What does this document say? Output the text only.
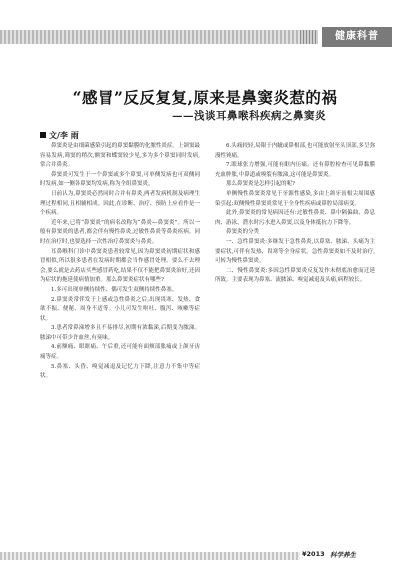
健康科普
“感冒”反反复复,原来是鼻窦炎惹的祸
——浅谈耳鼻喉科疾病之鼻窦炎
文/李 雨

鼻窦炎是由细菌感染引起的鼻窦黏膜的化脓性炎症。上颌窦最容易发病,筛窦的稍次,额窦和蝶窦较少见,多为多个鼻窦同时发病,常合并鼻炎。

鼻窦炎可发生于一个鼻窦或多个鼻窦,可单侧发病也可双侧同时发病,如一侧各鼻窦均发病,称为全组鼻窦炎。

日前认为,鼻窦炎必然同时合并有鼻炎,两者发病机制及病理生理过程相同,且相辅相成。因此,在诊断、治疗、预防上应看作是一个疾病。

近年来,已将“鼻窦炎”的病名改称为“鼻炎—鼻窦炎”。所以一般有鼻窦炎的患者,都会伴有慢性鼻炎,过敏性鼻炎等鼻炎疾病。同时在治疗时,也要选择一次性治疗鼻窦炎与鼻炎。

耳鼻喉科门诊中鼻窦炎患者较常见,因为鼻窦炎初期症状和感冒相似,所以很多患者在发病时期都会当作感冒处理。要么不去理会,要么就是去药店买些感冒药吃,结果不仅不能把鼻窦炎治好,还因为症状的拖延使病情加重。那么鼻窦炎症状有哪些?

1.多可出现单侧持续性、偶可发生双侧持续性鼻塞。

2.鼻窦炎常伴发于上感或急性鼻炎之后,出现畏寒、发热、食欲不振、便秘、周身不适等。小儿可发生呕吐、腹泻、咳嗽等症状。

3.患者常鼻涕增多且不易排尽,初期有浓黏涕,后期变为脓涕。脓涕中可带少许血丝,有臭味。

4.前额痛、眼眶痛、午后重,还可能有面颊部胀痛或上颌牙齿痛等症。

5.鼻塞、头昏、嗅觉减退及记忆力下降,注意力不集中等症状。

6.头痛较轻,局限于内眦或鼻根部,也可能放射至头顶部,多呈弥漫性钝痛。

7.眼球张力增强,可能有眶内压痛。还有鼻腔检查可见鼻黏膜充血肿胀,中鼻道或嗅裂有脓涕,这可能是鼻窦炎。

那么鼻窦炎是怎样引起的呢?

单侧慢性鼻窦炎常见于牙源性感染,多由上颌牙齿根尖周围感染引起;双侧慢性鼻窦炎常见于全身性疾病或鼻腔局部病变。

此外,鼻窦炎的常见病因还有:过敏性鼻炎、鼻中隔偏曲、鼻息肉、游泳、潜水时污水进入鼻窦,以及身体抵抗力下降等。

鼻窦炎的分类

一、急性鼻窦炎:多继发于急性鼻炎,以鼻塞、脓涕、头痛为主要症状,可伴有发热、畏寒等全身症状。急性鼻窦炎如不及时治疗,可转为慢性鼻窦炎。

二、慢性鼻窦炎:多因急性鼻窦炎反复发作未彻底治愈而迁延所致。主要表现为鼻塞、流脓涕、嗅觉减退及头痛,病程较长。

¥2013 科学养生
